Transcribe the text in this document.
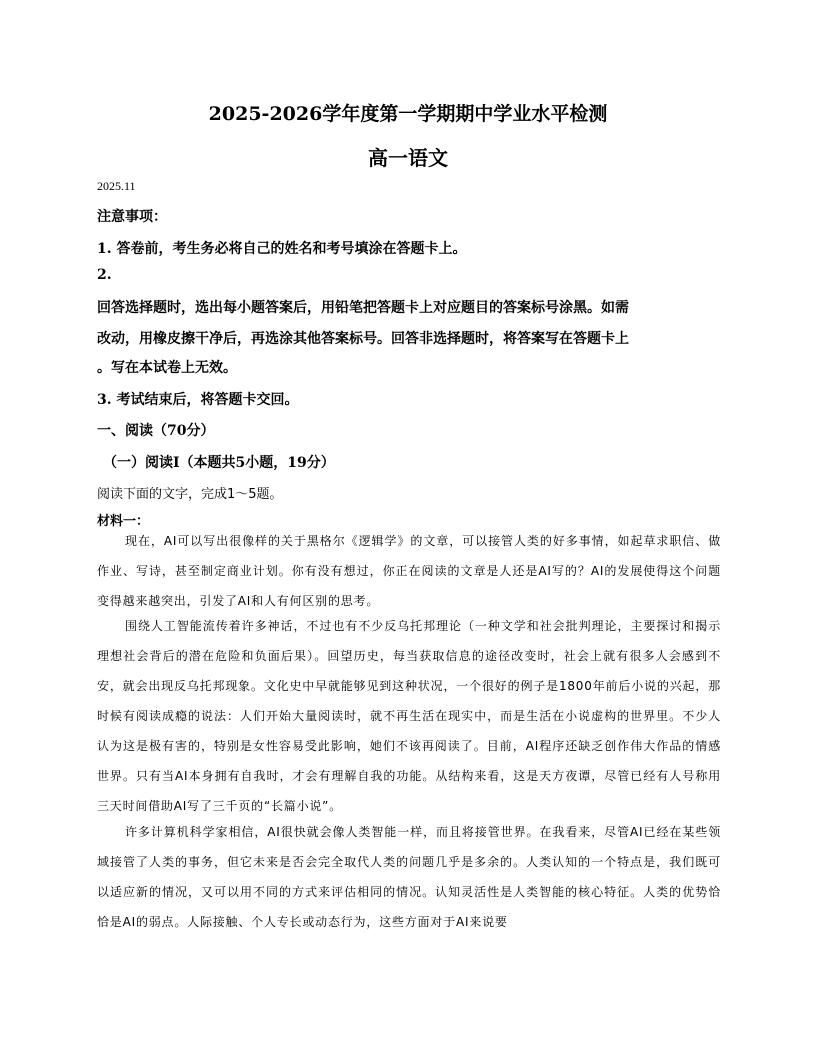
2025-2026学年度第一学期期中学业水平检测
高一语文
2025.11
注意事项：
1. 答卷前，考生务必将自己的姓名和考号填涂在答题卡上。
2.
回答选择题时，选出每小题答案后，用铅笔把答题卡上对应题目的答案标号涂黑。如需
改动，用橡皮擦干净后，再选涂其他答案标号。回答非选择题时，将答案写在答题卡上
。写在本试卷上无效。
3. 考试结束后，将答题卡交回。
一、阅读（70分）
（一）阅读Ⅰ（本题共5小题，19分）
阅读下面的文字，完成1～5题。
材料一：

现在，AI可以写出很像样的关于黑格尔《逻辑学》的文章，可以接管人类的好多事情，如起草求职信、做作业、写诗，甚至制定商业计划。你有没有想过，你正在阅读的文章是人还是AI写的？AI的发展使得这个问题变得越来越突出，引发了AI和人有何区别的思考。

围绕人工智能流传着许多神话，不过也有不少反乌托邦理论（一种文学和社会批判理论，主要探讨和揭示理想社会背后的潜在危险和负面后果）。回望历史，每当获取信息的途径改变时，社会上就有很多人会感到不安，就会出现反乌托邦现象。文化史中早就能够见到这种状况，一个很好的例子是1800年前后小说的兴起，那时候有阅读成瘾的说法：人们开始大量阅读时，就不再生活在现实中，而是生活在小说虚构的世界里。不少人认为这是极有害的，特别是女性容易受此影响，她们不该再阅读了。目前，AI程序还缺乏创作伟大作品的情感世界。只有当AI本身拥有自我时，才会有理解自我的功能。从结构来看，这是天方夜谭，尽管已经有人号称用三天时间借助AI写了三千页的“长篇小说”。

许多计算机科学家相信，AI很快就会像人类智能一样，而且将接管世界。在我看来，尽管AI已经在某些领域接管了人类的事务，但它未来是否会完全取代人类的问题几乎是多余的。人类认知的一个特点是，我们既可以适应新的情况，又可以用不同的方式来评估相同的情况。认知灵活性是人类智能的核心特征。人类的优势恰恰是AI的弱点。人际接触、个人专长或动态行为，这些方面对于AI来说要
